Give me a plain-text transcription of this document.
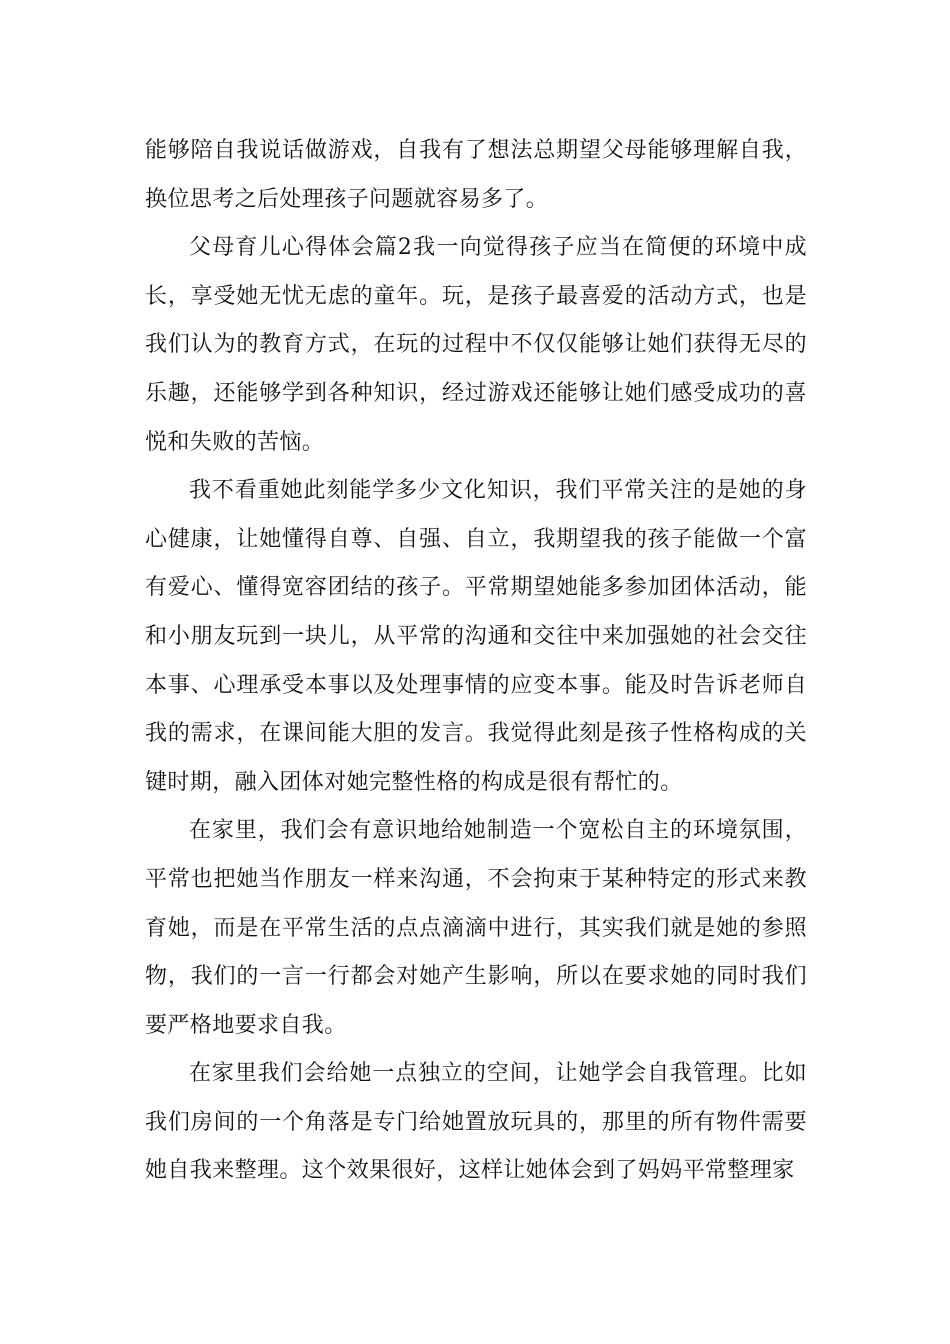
能够陪自我说话做游戏，自我有了想法总期望父母能够理解自我，换位思考之后处理孩子问题就容易多了。

父母育儿心得体会篇2我一向觉得孩子应当在简便的环境中成长，享受她无忧无虑的童年。玩，是孩子最喜爱的活动方式，也是我们认为的教育方式，在玩的过程中不仅仅能够让她们获得无尽的乐趣，还能够学到各种知识，经过游戏还能够让她们感受成功的喜悦和失败的苦恼。

我不看重她此刻能学多少文化知识，我们平常关注的是她的身心健康，让她懂得自尊、自强、自立，我期望我的孩子能做一个富有爱心、懂得宽容团结的孩子。平常期望她能多参加团体活动，能和小朋友玩到一块儿，从平常的沟通和交往中来加强她的社会交往本事、心理承受本事以及处理事情的应变本事。能及时告诉老师自我的需求，在课间能大胆的发言。我觉得此刻是孩子性格构成的关键时期，融入团体对她完整性格的构成是很有帮忙的。

在家里，我们会有意识地给她制造一个宽松自主的环境氛围，平常也把她当作朋友一样来沟通，不会拘束于某种特定的形式来教育她，而是在平常生活的点点滴滴中进行，其实我们就是她的参照物，我们的一言一行都会对她产生影响，所以在要求她的同时我们要严格地要求自我。

在家里我们会给她一点独立的空间，让她学会自我管理。比如我们房间的一个角落是专门给她置放玩具的，那里的所有物件需要她自我来整理。这个效果很好，这样让她体会到了妈妈平常整理家
